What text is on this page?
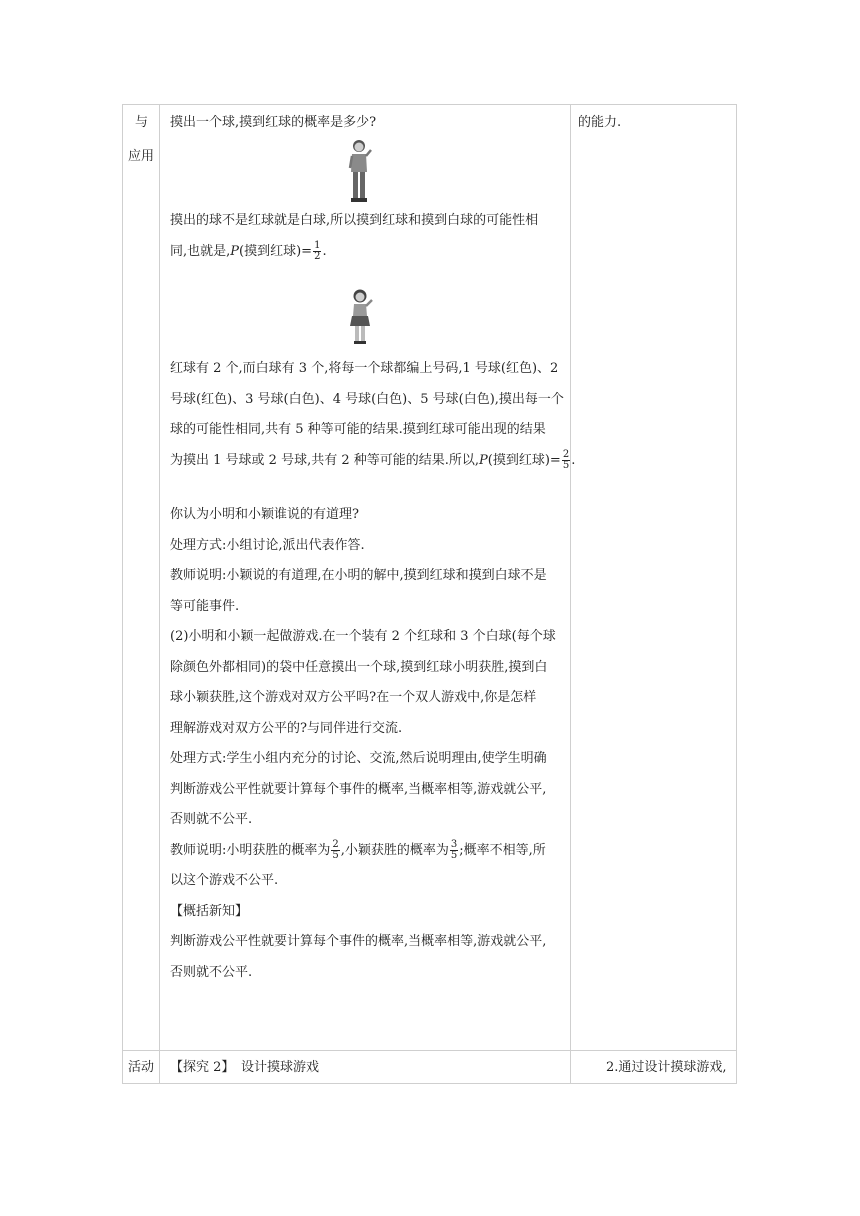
与
应用
活动
的能力.
2.通过设计摸球游戏,
摸出一个球,摸到红球的概率是多少?
摸出的球不是红球就是白球,所以摸到红球和摸到白球的可能性相
同,也就是,P(摸到红球)= $\frac{1}{2}$ .
红球有 2 个,而白球有 3 个,将每一个球都编上号码,1 号球(红色)、2
号球(红色)、3 号球(白色)、4 号球(白色)、5 号球(白色),摸出每一个
球的可能性相同,共有 5 种等可能的结果.摸到红球可能出现的结果
为摸出 1 号球或 2 号球,共有 2 种等可能的结果.所以,P(摸到红球)= $\frac{2}{5}$ .
你认为小明和小颖谁说的有道理?
处理方式:小组讨论,派出代表作答.
教师说明:小颖说的有道理,在小明的解中,摸到红球和摸到白球不是
等可能事件.
(2)小明和小颖一起做游戏.在一个装有 2 个红球和 3 个白球(每个球
除颜色外都相同)的袋中任意摸出一个球,摸到红球小明获胜,摸到白
球小颖获胜,这个游戏对双方公平吗?在一个双人游戏中,你是怎样
理解游戏对双方公平的?与同伴进行交流.
处理方式:学生小组内充分的讨论、交流,然后说明理由,使学生明确
判断游戏公平性就要计算每个事件的概率,当概率相等,游戏就公平,
否则就不公平.
教师说明:小明获胜的概率为 $\frac{2}{5}$ ,小颖获胜的概率为 $\frac{3}{5}$ ;概率不相等,所
以这个游戏不公平.
【概括新知】
判断游戏公平性就要计算每个事件的概率,当概率相等,游戏就公平,
否则就不公平.
【探究 2】 设计摸球游戏
